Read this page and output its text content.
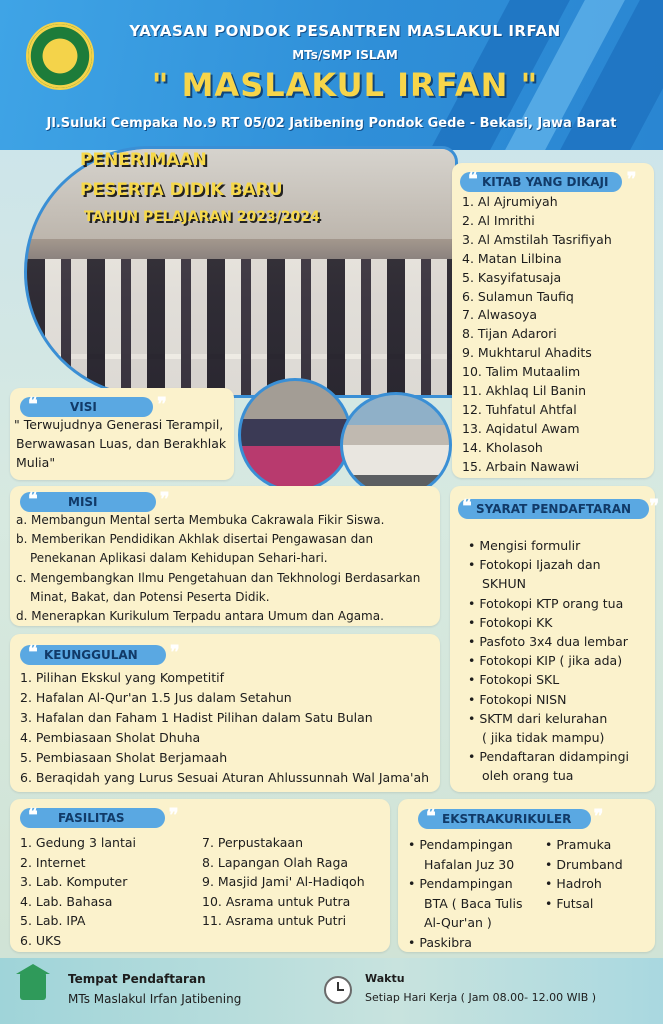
YAYASAN PONDOK PESANTREN MASLAKUL IRFAN
MTs/SMP ISLAM
" MASLAKUL IRFAN "
Jl.Suluki Cempaka No.9 RT 05/02 Jatibening Pondok Gede - Bekasi, Jawa Barat
PENERIMAAN
PESERTA DIDIK BARU
TAHUN PELAJARAN 2023/2024
❝ KITAB YANG DIKAJI ❞
1. Al Ajrumiyah
2. Al Imrithi
3. Al Amstilah Tasrifiyah
4. Matan Lilbina
5. Kasyifatusaja
6. Sulamun Taufiq
7. Alwasoya
8. Tijan Adarori
9. Mukhtarul Ahadits
10. Talim Mutaalim
11. Akhlaq Lil Banin
12. Tuhfatul Ahtfal
13. Aqidatul Awam
14. Kholasoh
15. Arbain Nawawi
❝	VISI	❞
" Terwujudnya Generasi Terampil,
Berwawasan Luas, dan Berakhlak
Mulia"
❝	MISI	❞
a. Membangun Mental serta Membuka Cakrawala Fikir Siswa.
b. Memberikan Pendidikan Akhlak disertai Pengawasan dan
Penekanan Aplikasi dalam Kehidupan Sehari-hari.
c. Mengembangkan Ilmu Pengetahuan dan Tekhnologi Berdasarkan
Minat, Bakat, dan Potensi Peserta Didik.
d. Menerapkan Kurikulum Terpadu antara Umum dan Agama.
❝ SYARAT PENDAFTARAN ❞
• Mengisi formulir
• Fotokopi Ijazah dan
SKHUN
• Fotokopi KTP orang tua
• Fotokopi KK
• Pasfoto 3x4 dua lembar
• Fotokopi KIP ( jika ada)
• Fotokopi SKL
• Fotokopi NISN
• SKTM dari kelurahan
( jika tidak mampu)
• Pendaftaran didampingi
oleh orang tua
❝ KEUNGGULAN ❞
1. Pilihan Ekskul yang Kompetitif
2. Hafalan Al-Qur'an 1.5 Jus dalam Setahun
3. Hafalan dan Faham 1 Hadist Pilihan dalam Satu Bulan
4. Pembiasaan Sholat Dhuha
5. Pembiasaan Sholat Berjamaah
6. Beraqidah yang Lurus Sesuai Aturan Ahlussunnah Wal Jama'ah
❝ FASILITAS ❞
1. Gedung 3 lantai
2. Internet
3. Lab. Komputer
4. Lab. Bahasa
5. Lab. IPA
6. UKS
7. Perpustakaan
8. Lapangan Olah Raga
9. Masjid Jami' Al-Hadiqoh
10. Asrama untuk Putra
11. Asrama untuk Putri
❝ EKSTRAKURIKULER ❞
• Pendampingan
Hafalan Juz 30
• Pendampingan
BTA ( Baca Tulis
Al-Qur'an )
• Paskibra
• Pramuka
• Drumband
• Hadroh
• Futsal
Tempat Pendaftaran
MTs Maslakul Irfan Jatibening
Waktu
Setiap Hari Kerja ( Jam 08.00- 12.00 WIB )
